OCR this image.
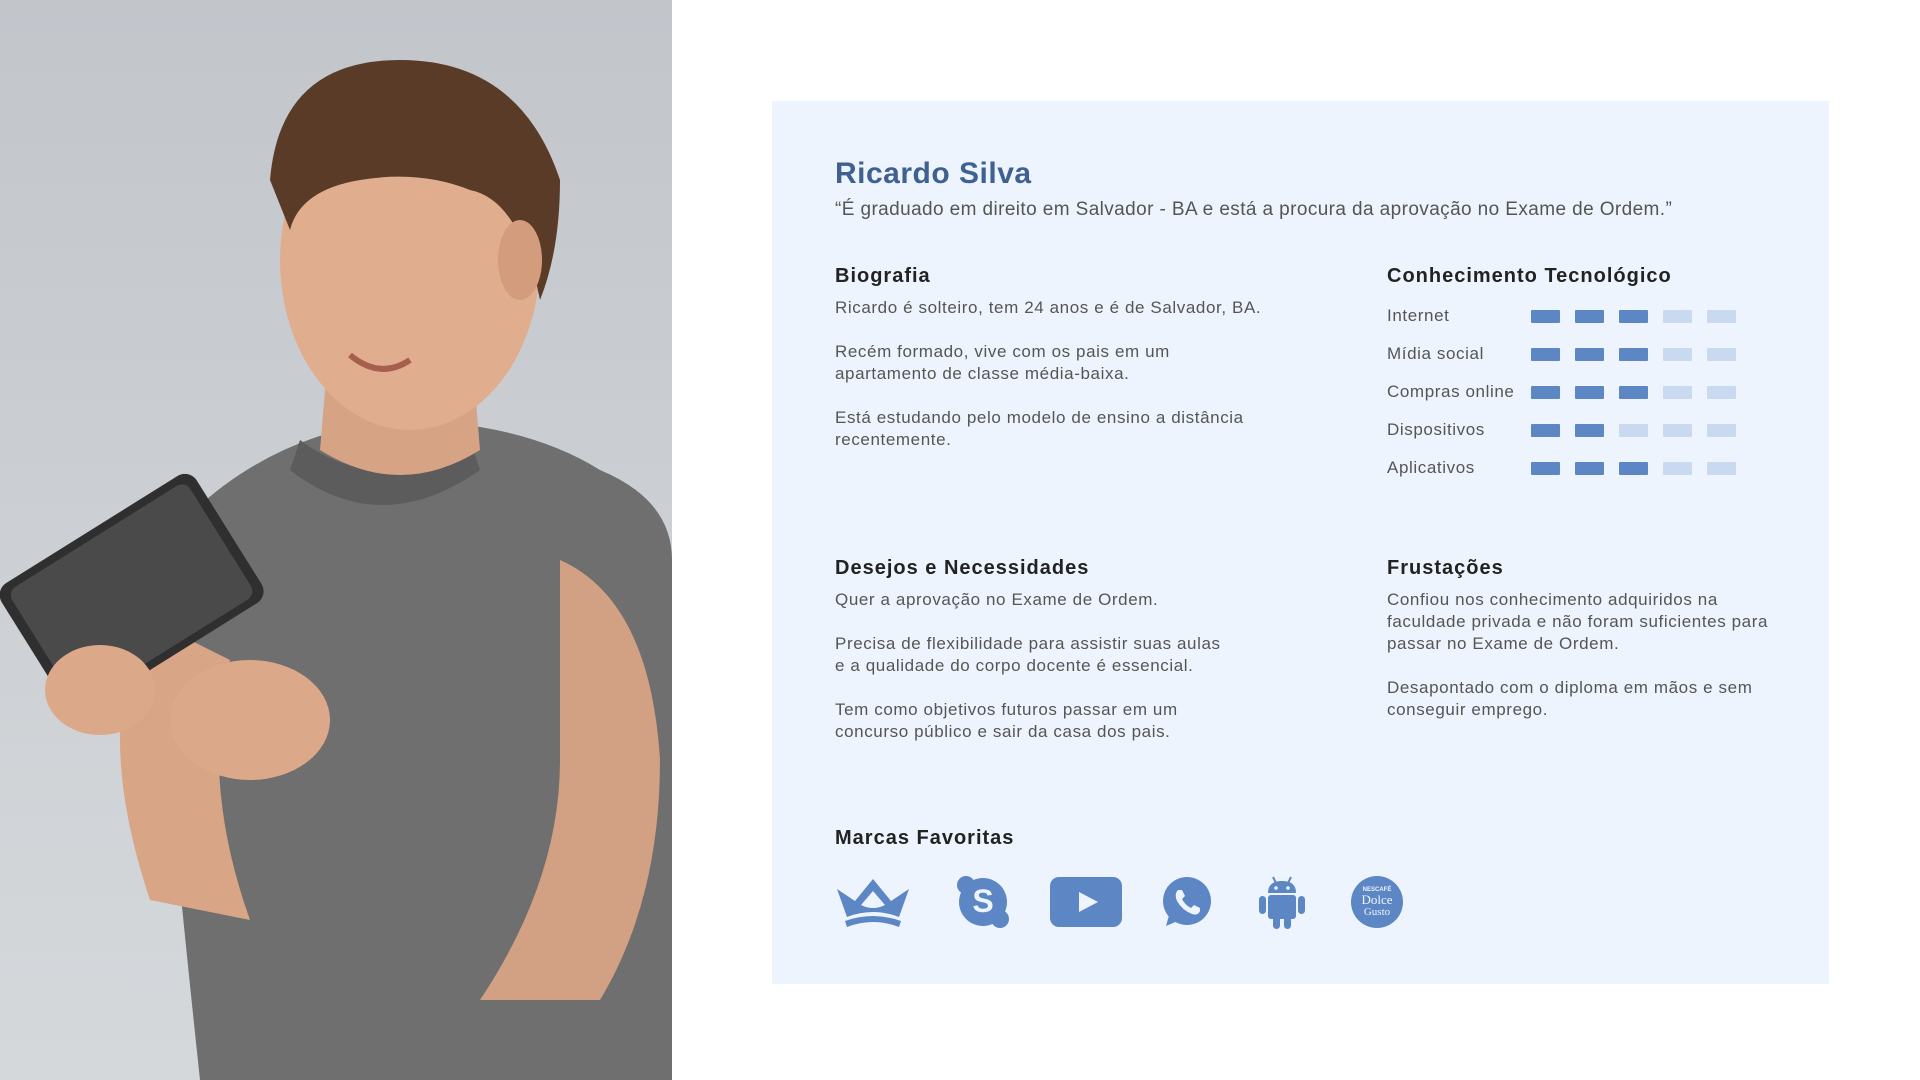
Ricardo Silva

“É graduado em direito em Salvador - BA e está a procura da aprovação no Exame de Ordem.”

Biografia

Ricardo é solteiro, tem 24 anos e é de Salvador, BA.

Recém formado, vive com os pais em um apartamento de classe média-baixa.

Está estudando pelo modelo de ensino a distância recentemente.

Conhecimento Tecnológico
Internet
Mídia social
Compras online
Dispositivos
Aplicativos
Desejos e Necessidades

Quer a aprovação no Exame de Ordem.

Precisa de flexibilidade para assistir suas aulas e a qualidade do corpo docente é essencial.

Tem como objetivos futuros passar em um concurso público e sair da casa dos pais.

Frustações

Confiou nos conhecimento adquiridos na faculdade privada e não foram suficientes para passar no Exame de Ordem.

Desapontado com o diploma em mãos e sem conseguir emprego.

Marcas Favoritas
S	NESCAFÉ
Dolce
Gusto
